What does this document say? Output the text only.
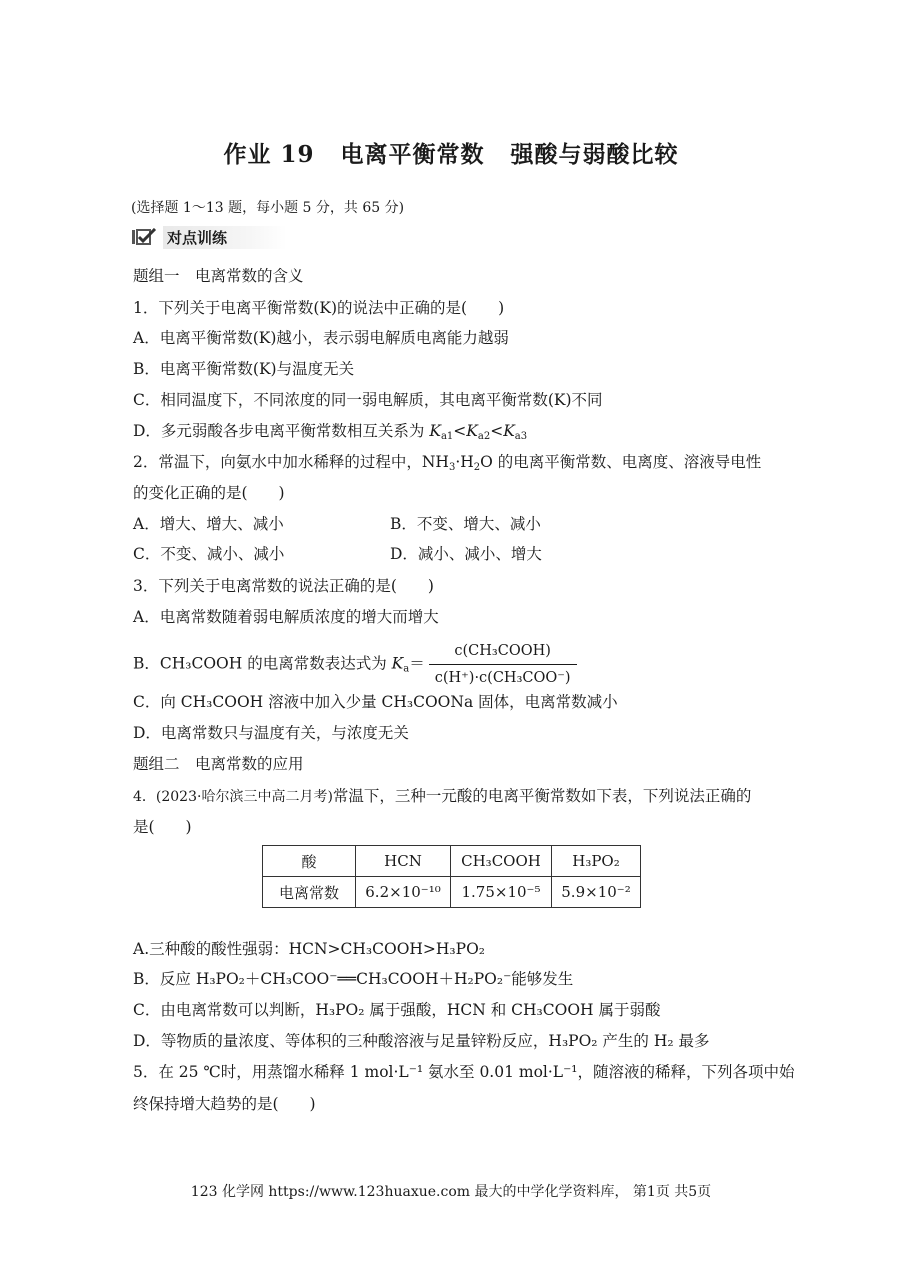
作业 19 电离平衡常数 强酸与弱酸比较
(选择题 1～13 题，每小题 5 分，共 65 分)
对点训练
题组一　电离常数的含义
1．下列关于电离平衡常数(K)的说法中正确的是(　　)
A．电离平衡常数(K)越小，表示弱电解质电离能力越弱
B．电离平衡常数(K)与温度无关
C．相同温度下，不同浓度的同一弱电解质，其电离平衡常数(K)不同
D．多元弱酸各步电离平衡常数相互关系为 $K_{a1}<K_{a2}<K_{a3}$
2．常温下，向氨水中加水稀释的过程中，$NH_3\cdot H_2O$ 的电离平衡常数、电离度、溶液导电性
的变化正确的是(　　)
A．增大、增大、减小	B．不变、增大、减小
C．不变、减小、减小	D．减小、减小、增大
3．下列关于电离常数的说法正确的是(　　)
A．电离常数随着弱电解质浓度的增大而增大
B．CH₃COOH 的电离常数表达式为 $K_a= \frac{\text{c(CH₃COOH)}}{\text{c(H⁺)·c(CH₃COO⁻)}}$
C．向 CH₃COOH 溶液中加入少量 CH₃COONa 固体，电离常数减小
D．电离常数只与温度有关，与浓度无关
题组二　电离常数的应用
4．(2023·哈尔滨三中高二月考)常温下，三种一元酸的电离平衡常数如下表，下列说法正确的
是(　　)
酸	HCN	CH₃COOH	H₃PO₂
电离常数	6.2×10⁻¹⁰	1.75×10⁻⁵	5.9×10⁻²
A.三种酸的酸性强弱：HCN>CH₃COOH>H₃PO₂
B．反应 H₃PO₂＋CH₃COO⁻══CH₃COOH＋H₂PO₂⁻能够发生
C．由电离常数可以判断，H₃PO₂ 属于强酸，HCN 和 CH₃COOH 属于弱酸
D．等物质的量浓度、等体积的三种酸溶液与足量锌粉反应，H₃PO₂ 产生的 H₂ 最多
5．在 25 ℃时，用蒸馏水稀释 1 mol·L⁻¹ 氨水至 0.01 mol·L⁻¹，随溶液的稀释，下列各项中始
终保持增大趋势的是(　　)
123 化学网 https://www.123huaxue.com 最大的中学化学资料库， 第1页 共5页
